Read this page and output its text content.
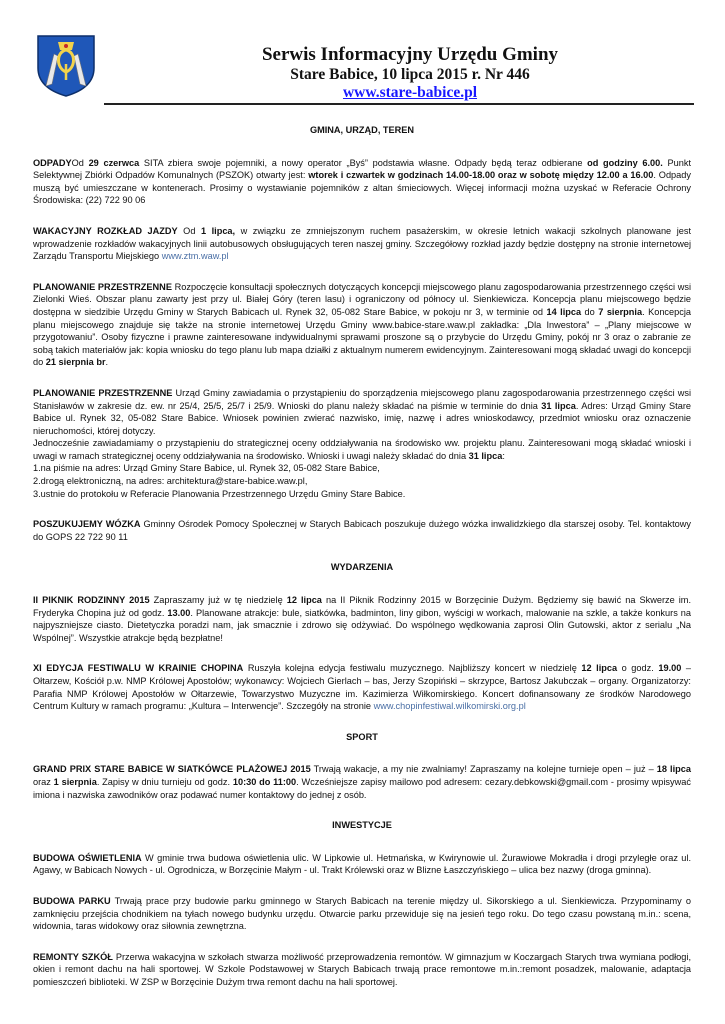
Serwis Informacyjny Urzędu Gminy
Stare Babice, 10 lipca 2015 r. Nr 446
www.stare-babice.pl
GMINA, URZĄD, TEREN
ODPADYOd 29 czerwca SITA zbiera swoje pojemniki, a nowy operator „Byś” podstawia własne. Odpady będą teraz odbierane od godziny 6.00. Punkt Selektywnej Zbiórki Odpadów Komunalnych (PSZOK) otwarty jest: wtorek i czwartek w godzinach 14.00-18.00 oraz w sobotę między 12.00 a 16.00. Odpady muszą być umieszczane w kontenerach. Prosimy o wystawianie pojemników z altan śmieciowych. Więcej informacji można uzyskać w Referacie Ochrony Środowiska: (22) 722 90 06
WAKACYJNY ROZKŁAD JAZDY Od 1 lipca, w związku ze zmniejszonym ruchem pasażerskim, w okresie letnich wakacji szkolnych planowane jest wprowadzenie rozkładów wakacyjnych linii autobusowych obsługujących teren naszej gminy. Szczegółowy rozkład jazdy będzie dostępny na stronie internetowej Zarządu Transportu Miejskiego www.ztm.waw.pl
PLANOWANIE PRZESTRZENNE Rozpoczęcie konsultacji społecznych dotyczących koncepcji miejscowego planu zagospodarowania przestrzennego części wsi Zielonki Wieś. Obszar planu zawarty jest przy ul. Białej Góry (teren lasu) i ograniczony od północy ul. Sienkiewicza. Koncepcja planu miejscowego będzie dostępna w siedzibie Urzędu Gminy w Starych Babicach ul. Rynek 32, 05-082 Stare Babice, w pokoju nr 3, w terminie od 14 lipca do 7 sierpnia. Koncepcja planu miejscowego znajduje się także na stronie internetowej Urzędu Gminy www.babice-stare.waw.pl zakładka: „Dla Inwestora” – „Plany miejscowe w przygotowaniu”. Osoby fizyczne i prawne zainteresowane indywidualnymi sprawami proszone są o przybycie do Urzędu Gminy, pokój nr 3 oraz o zabranie ze sobą takich materiałów jak: kopia wniosku do tego planu lub mapa działki z aktualnym numerem ewidencyjnym. Zainteresowani mogą składać uwagi do koncepcji do 21 sierpnia br.
PLANOWANIE PRZESTRZENNE Urząd Gminy zawiadamia o przystąpieniu do sporządzenia miejscowego planu zagospodarowania przestrzennego części wsi Stanisławów w zakresie dz. ew. nr 25/4, 25/5, 25/7 i 25/9. Wnioski do planu należy składać na piśmie w terminie do dnia 31 lipca. Adres: Urząd Gminy Stare Babice ul. Rynek 32, 05-082 Stare Babice. Wniosek powinien zwierać nazwisko, imię, nazwę i adres wnioskodawcy, przedmiot wniosku oraz oznaczenie nieruchomości, której dotyczy.
Jednocześnie zawiadamiamy o przystąpieniu do strategicznej oceny oddziaływania na środowisko ww. projektu planu. Zainteresowani mogą składać wnioski i uwagi w ramach strategicznej oceny oddziaływania na środowisko. Wnioski i uwagi należy składać do dnia 31 lipca:
1.na piśmie na adres: Urząd Gminy Stare Babice, ul. Rynek 32, 05-082 Stare Babice,
2.drogą elektroniczną, na adres: architektura@stare-babice.waw.pl,
3.ustnie do protokołu w Referacie Planowania Przestrzennego Urzędu Gminy Stare Babice.
POSZUKUJEMY WÓZKA Gminny Ośrodek Pomocy Społecznej w Starych Babicach poszukuje dużego wózka inwalidzkiego dla starszej osoby. Tel. kontaktowy do GOPS 22 722 90 11
WYDARZENIA
II PIKNIK RODZINNY 2015 Zapraszamy już w tę niedzielę 12 lipca na II Piknik Rodzinny 2015 w Borzęcinie Dużym. Będziemy się bawić na Skwerze im. Fryderyka Chopina już od godz. 13.00. Planowane atrakcje: bule, siatkówka, badminton, liny gibon, wyścigi w workach, malowanie na szkle, a także konkurs na najpyszniejsze ciasto. Dietetyczka poradzi nam, jak smacznie i zdrowo się odżywiać. Do wspólnego wędkowania zaprosi Olin Gutowski, aktor z serialu „Na Wspólnej”. Wszystkie atrakcje będą bezpłatne!
XI EDYCJA FESTIWALU W KRAINIE CHOPINA Ruszyła kolejna edycja festiwalu muzycznego. Najbliższy koncert w niedzielę 12 lipca o godz. 19.00 – Ołtarzew, Kościół p.w. NMP Królowej Apostołów; wykonawcy: Wojciech Gierlach – bas, Jerzy Szopiński – skrzypce, Bartosz Jakubczak – organy. Organizatorzy: Parafia NMP Królowej Apostołów w Ołtarzewie, Towarzystwo Muzyczne im. Kazimierza Wiłkomirskiego. Koncert dofinansowany ze środków Narodowego Centrum Kultury w ramach programu: „Kultura – Interwencje”. Szczegóły na stronie www.chopinfestiwal.wilkomirski.org.pl
SPORT
GRAND PRIX STARE BABICE W SIATKÓWCE PLAŻOWEJ 2015 Trwają wakacje, a my nie zwalniamy! Zapraszamy na kolejne turnieje open – już – 18 lipca oraz 1 sierpnia. Zapisy w dniu turnieju od godz. 10:30 do 11:00. Wcześniejsze zapisy mailowo pod adresem: cezary.debkowski@gmail.com - prosimy wpisywać imiona i nazwiska zawodników oraz podawać numer kontaktowy do jednej z osób.
INWESTYCJE
BUDOWA OŚWIETLENIA W gminie trwa budowa oświetlenia ulic. W Lipkowie ul. Hetmańska, w Kwirynowie ul. Żurawiowe Mokradła i drogi przyległe oraz ul. Agawy, w Babicach Nowych - ul. Ogrodnicza, w Borzęcinie Małym - ul. Trakt Królewski oraz w Blizne Łaszczyńskiego – ulica bez nazwy (droga gminna).
BUDOWA PARKU Trwają prace przy budowie parku gminnego w Starych Babicach na terenie między ul. Sikorskiego a ul. Sienkiewicza. Przypominamy o zamknięciu przejścia chodnikiem na tyłach nowego budynku urzędu. Otwarcie parku przewiduje się na jesień tego roku. Do tego czasu powstaną m.in.: scena, widownia, taras widokowy oraz siłownia zewnętrzna.
REMONTY SZKÓŁ Przerwa wakacyjna w szkołach stwarza możliwość przeprowadzenia remontów. W gimnazjum w Koczargach Starych trwa wymiana podłogi, okien i remont dachu na hali sportowej. W Szkole Podstawowej w Starych Babicach trwają prace remontowe m.in.:remont posadzek, malowanie, adaptacja pomieszczeń biblioteki. W ZSP w Borzęcinie Dużym trwa remont dachu na hali sportowej.
